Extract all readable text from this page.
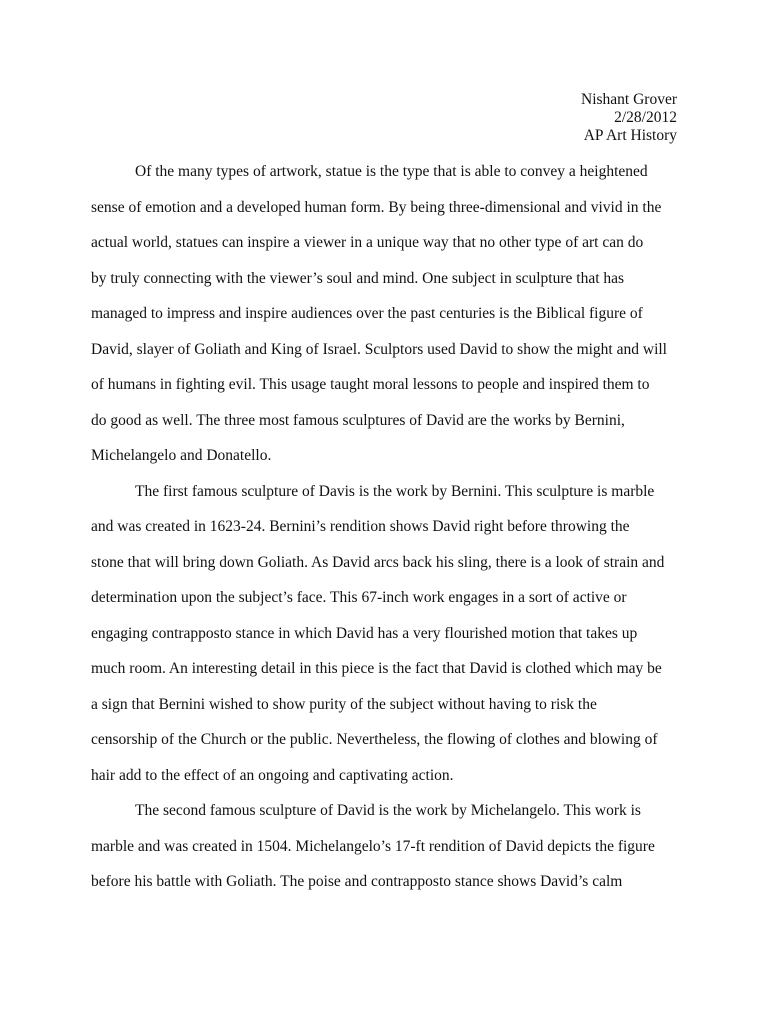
Nishant Grover
2/28/2012
AP Art History
Of the many types of artwork, statue is the type that is able to convey a heightened
sense of emotion and a developed human form. By being three-dimensional and vivid in the
actual world, statues can inspire a viewer in a unique way that no other type of art can do
by truly connecting with the viewer’s soul and mind. One subject in sculpture that has
managed to impress and inspire audiences over the past centuries is the Biblical figure of
David, slayer of Goliath and King of Israel. Sculptors used David to show the might and will
of humans in fighting evil. This usage taught moral lessons to people and inspired them to
do good as well. The three most famous sculptures of David are the works by Bernini,
Michelangelo and Donatello.
The first famous sculpture of Davis is the work by Bernini. This sculpture is marble
and was created in 1623-24. Bernini’s rendition shows David right before throwing the
stone that will bring down Goliath. As David arcs back his sling, there is a look of strain and
determination upon the subject’s face. This 67-inch work engages in a sort of active or
engaging contrapposto stance in which David has a very flourished motion that takes up
much room. An interesting detail in this piece is the fact that David is clothed which may be
a sign that Bernini wished to show purity of the subject without having to risk the
censorship of the Church or the public. Nevertheless, the flowing of clothes and blowing of
hair add to the effect of an ongoing and captivating action.
The second famous sculpture of David is the work by Michelangelo. This work is
marble and was created in 1504. Michelangelo’s 17-ft rendition of David depicts the figure
before his battle with Goliath. The poise and contrapposto stance shows David’s calm
